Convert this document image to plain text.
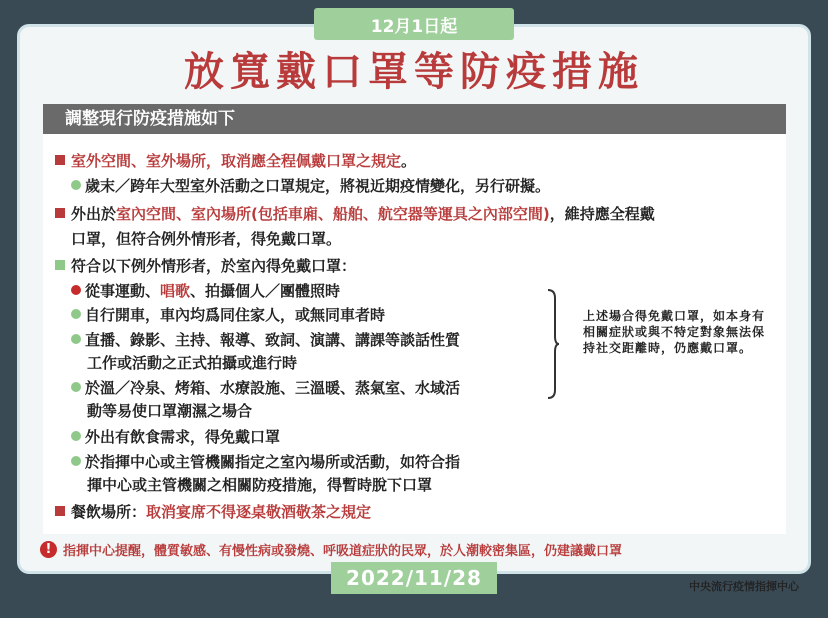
12月1日起
放寬戴口罩等防疫措施
調整現行防疫措施如下
室外空間、室外場所，取消應全程佩戴口罩之規定。
歲末／跨年大型室外活動之口罩規定，將視近期疫情變化，另行研擬。
外出於室內空間、室內場所(包括車廂、船舶、航空器等運具之內部空間)，維持應全程戴
口罩，但符合例外情形者，得免戴口罩。
符合以下例外情形者，於室內得免戴口罩：
從事運動、唱歌、拍攝個人／團體照時
自行開車，車內均爲同住家人，或無同車者時
直播、錄影、主持、報導、致詞、演講、講課等談話性質
工作或活動之正式拍攝或進行時
於溫／冷泉、烤箱、水療設施、三溫暖、蒸氣室、水域活
動等易使口罩潮濕之場合
外出有飲食需求，得免戴口罩
於指揮中心或主管機關指定之室內場所或活動，如符合指
揮中心或主管機關之相關防疫措施，得暫時脫下口罩
餐飲場所：取消宴席不得逐桌敬酒敬茶之規定
上述場合得免戴口罩，如本身有相關症狀或與不特定對象無法保持社交距離時，仍應戴口罩。
! 指揮中心提醒，體質敏感、有慢性病或發燒、呼吸道症狀的民眾，於人潮較密集區，仍建議戴口罩
2022/11/28	中央流行疫情指揮中心
